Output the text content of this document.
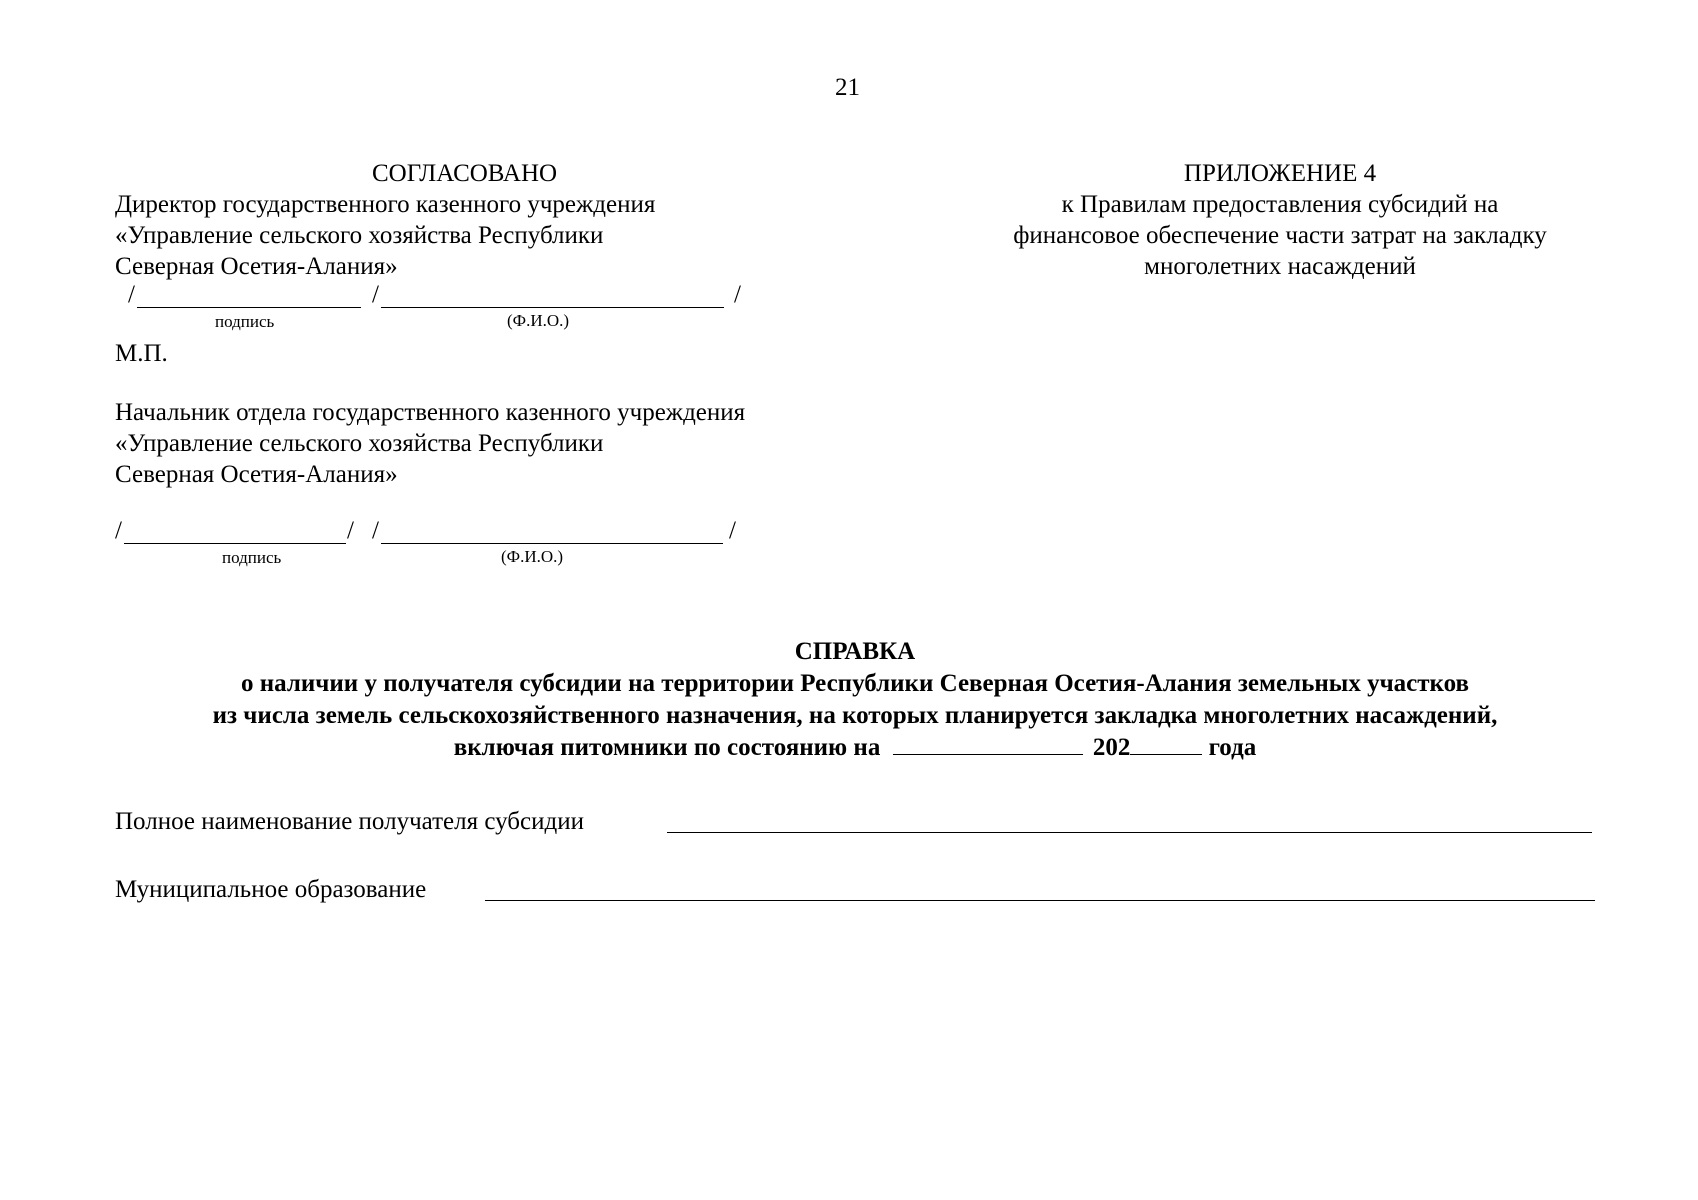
21
СОГЛАСОВАНО
Директор государственного казенного учреждения
«Управление сельского хозяйства Республики
Северная Осетия-Алания»
/	/	/
подпись	(Ф.И.О.)
М.П.
Начальник отдела государственного казенного учреждения
«Управление сельского хозяйства Республики
Северная Осетия-Алания»
/	/ /	/
подпись	(Ф.И.О.)
ПРИЛОЖЕНИЕ 4
к Правилам предоставления субсидий на
финансовое обеспечение части затрат на закладку
многолетних насаждений
СПРАВКА
о наличии у получателя субсидии на территории Республики Северная Осетия-Алания земельных участков
из числа земель сельскохозяйственного назначения, на которых планируется закладка многолетних насаждений,
включая питомники по состоянию на	202	года
Полное наименование получателя субсидии
Муниципальное образование
